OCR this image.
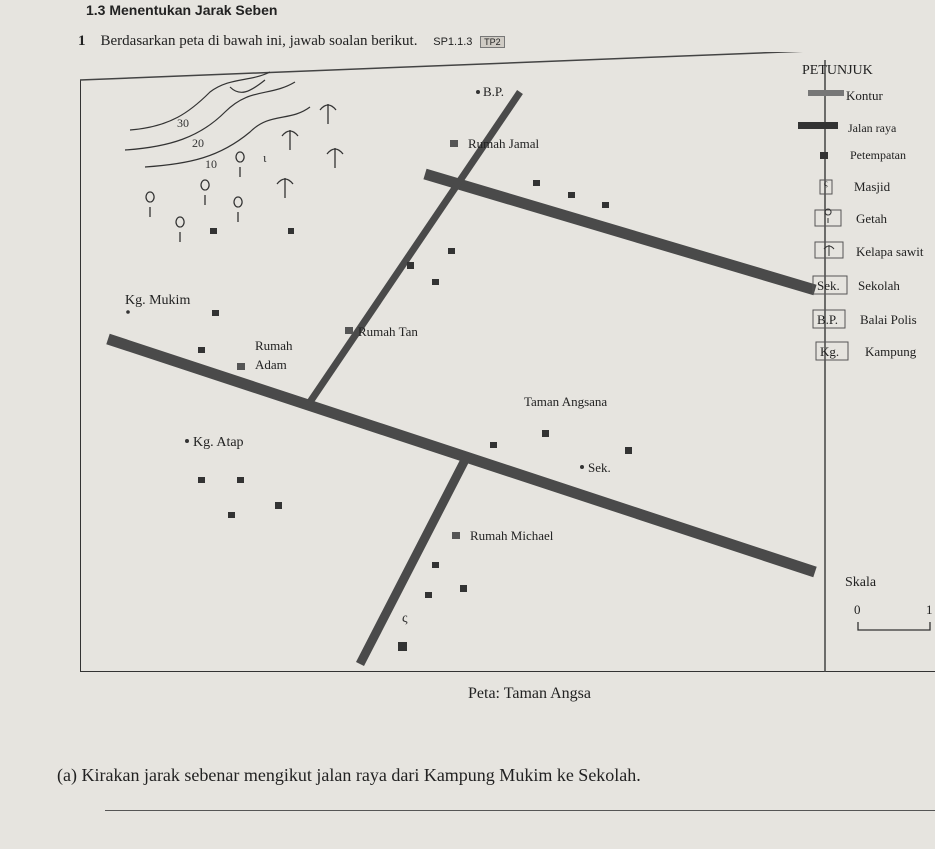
1.3 Menentukan Jarak Seben
1 Berdasarkan peta di bawah ini, jawab soalan berikut. SP1.1.3 TP2
30
20
10	ι
ς
B.P.
Rumah Jamal
Kg. Mukim
Rumah Tan
Rumah
Adam
Taman Angsana
Kg. Atap
Sek.
Rumah Michael
PETUNJUK
Kontur
Jalan raya
Petempatan
ς Masjid
Getah
Kelapa sawit
Sek. Sekolah
B.P. Balai Polis
Kg. Kampung
Skala
0	1
Peta: Taman Angsa
(a) Kirakan jarak sebenar mengikut jalan raya dari Kampung Mukim ke Sekolah.
